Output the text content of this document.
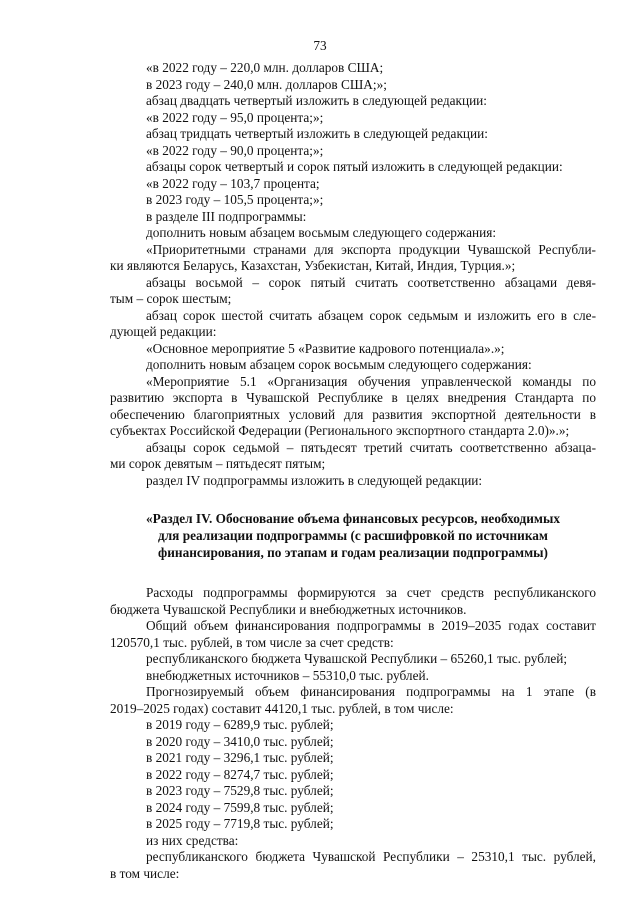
73
«в 2022 году – 220,0 млн. долларов США;
в 2023 году – 240,0 млн. долларов США;»;
абзац двадцать четвертый изложить в следующей редакции:
«в 2022 году – 95,0 процента;»;
абзац тридцать четвертый изложить в следующей редакции:
«в 2022 году – 90,0 процента;»;
абзацы сорок четвертый и сорок пятый изложить в следующей редакции:
«в 2022 году – 103,7 процента;
в 2023 году – 105,5 процента;»;
в разделе III подпрограммы:
дополнить новым абзацем восьмым следующего содержания:
«Приоритетными странами для экспорта продукции Чувашской Республи-
ки являются Беларусь, Казахстан, Узбекистан, Китай, Индия, Турция.»;
абзацы восьмой – сорок пятый считать соответственно абзацами девя-
тым – сорок шестым;
абзац сорок шестой считать абзацем сорок седьмым и изложить его в сле-
дующей редакции:
«Основное мероприятие 5 «Развитие кадрового потенциала».»;
дополнить новым абзацем сорок восьмым следующего содержания:
«Мероприятие 5.1 «Организация обучения управленческой команды по
развитию экспорта в Чувашской Республике в целях внедрения Стандарта по
обеспечению благоприятных условий для развития экспортной деятельности в
субъектах Российской Федерации (Регионального экспортного стандарта 2.0)».»;
абзацы сорок седьмой – пятьдесят третий считать соответственно абзаца-
ми сорок девятым – пятьдесят пятым;
раздел IV подпрограммы изложить в следующей редакции:
«Раздел IV. Обоснование объема финансовых ресурсов, необходимых
для реализации подпрограммы (с расшифровкой по источникам
финансирования, по этапам и годам реализации подпрограммы)
Расходы подпрограммы формируются за счет средств республиканского
бюджета Чувашской Республики и внебюджетных источников.
Общий объем финансирования подпрограммы в 2019–2035 годах составит
120570,1 тыс. рублей, в том числе за счет средств:
республиканского бюджета Чувашской Республики – 65260,1 тыс. рублей;
внебюджетных источников – 55310,0 тыс. рублей.
Прогнозируемый объем финансирования подпрограммы на 1 этапе (в
2019–2025 годах) составит 44120,1 тыс. рублей, в том числе:
в 2019 году – 6289,9 тыс. рублей;
в 2020 году – 3410,0 тыс. рублей;
в 2021 году – 3296,1 тыс. рублей;
в 2022 году – 8274,7 тыс. рублей;
в 2023 году – 7529,8 тыс. рублей;
в 2024 году – 7599,8 тыс. рублей;
в 2025 году – 7719,8 тыс. рублей;
из них средства:
республиканского бюджета Чувашской Республики – 25310,1 тыс. рублей,
в том числе:
